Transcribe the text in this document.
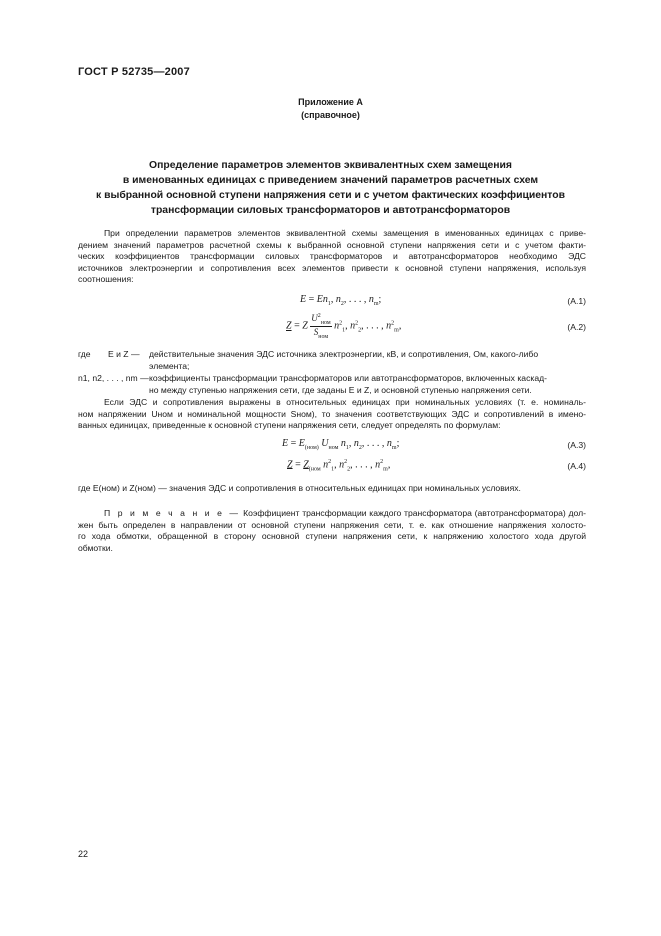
ГОСТ Р 52735—2007
Приложение А
(справочное)
Определение параметров элементов эквивалентных схем замещения
в именованных единицах с приведением значений параметров расчетных схем
к выбранной основной ступени напряжения сети и с учетом фактических коэффициентов
трансформации силовых трансформаторов и автотрансформаторов
При определении параметров элементов эквивалентной схемы замещения в именованных единицах с приве-
дением значений параметров расчетной схемы к выбранной основной ступени напряжения сети и с учетом факти-
ческих коэффициентов трансформации силовых трансформаторов и автотрансформаторов необходимо ЭДС
источников электроэнергии и сопротивления всех элементов привести к основной ступени напряжения, используя
соотношения:
$E = En_1$, $n_2$, . . . , $n_m$;	(А.1)
Z = Z $\frac{U^2_{ном}}{S_{ном}} n^2_1$, $n^2_2$, . . . , $n^2_m$,	(А.2)
где E и Z — действительные значения ЭДС источника электроэнергии, кВ, и сопротивления, Ом, какого-либо
элемента;
n1, n2, . . . , nm — коэффициенты трансформации трансформаторов или автотрансформаторов, включенных каскад-
но между ступенью напряжения сети, где заданы E и Z, и основной ступенью напряжения сети.
Если ЭДС и сопротивления выражены в относительных единицах при номинальных условиях (т. е. номиналь-
ном напряжении Uном и номинальной мощности Sном), то значения соответствующих ЭДС и сопротивлений в имено-
ванных единицах, приведенные к основной ступени напряжения сети, следует определять по формулам:
$E = E_{(ном)}$ $U_{ном}$ $n_1$, $n_2$, . . . , $n_m$;	(А.3)
$Z = Z_{(ном}$ $n^2_1$, $n^2_2$, . . . , $n^2_m$,	(А.4)
где E(ном) и Z(ном) — значения ЭДС и сопротивления в относительных единицах при номинальных условиях.
П р и м е ч а н и е — Коэффициент трансформации каждого трансформатора (автотрансформатора) дол-
жен быть определен в направлении от основной ступени напряжения сети, т. е. как отношение напряжения холосто-
го хода обмотки, обращенной в сторону основной ступени напряжения сети, к напряжению холостого хода другой
обмотки.
22
